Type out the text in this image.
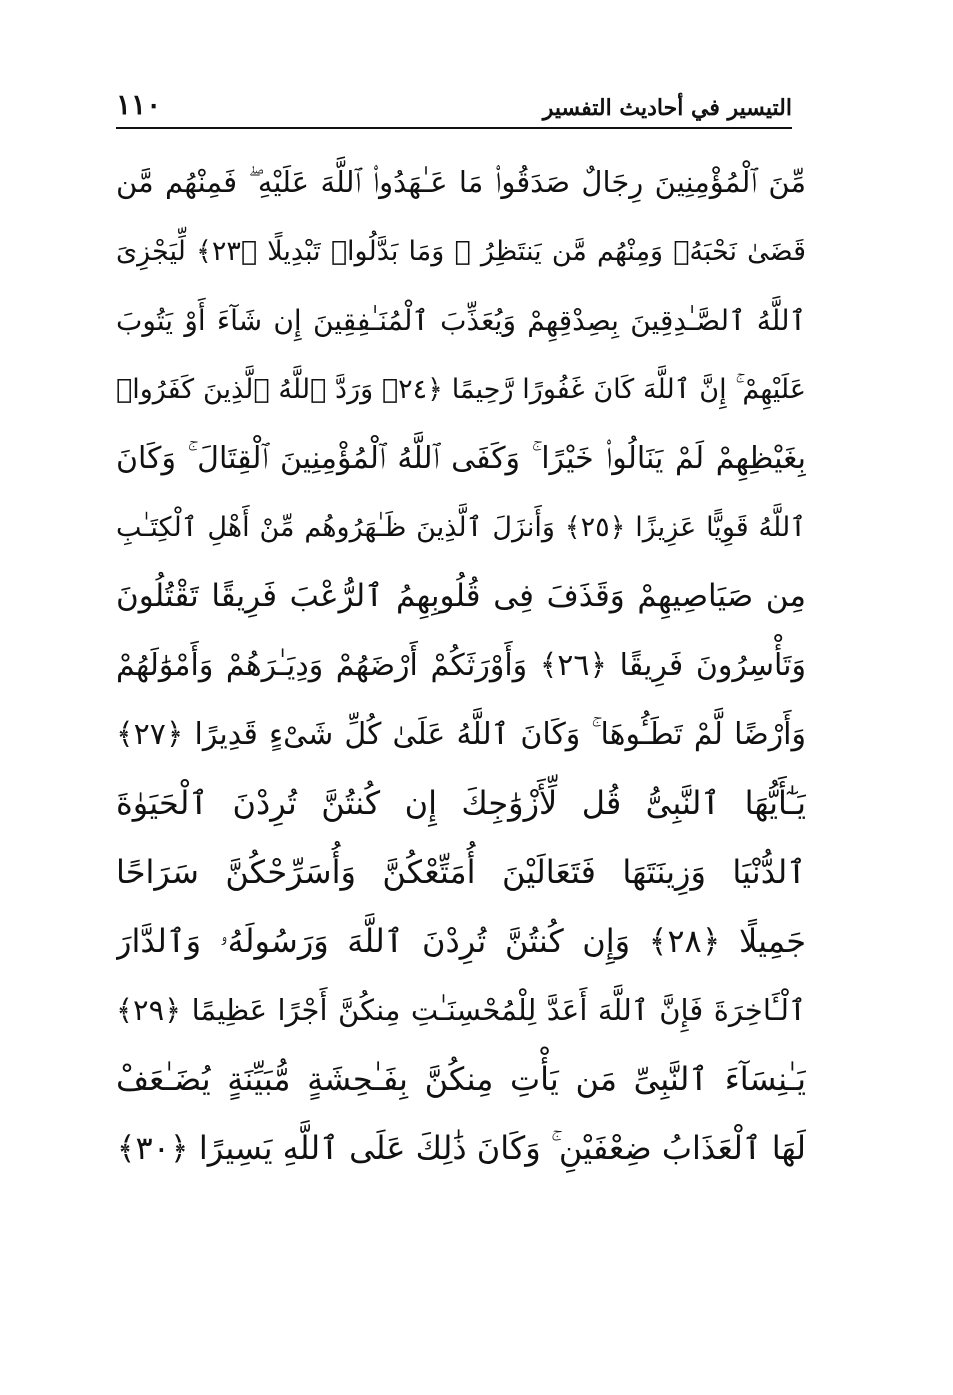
التيسير في أحاديث التفسير
١١٠
مِّنَ ٱلْمُؤْمِنِينَ رِجَالٌ صَدَقُوا۟ مَا عَـٰهَدُوا۟ ٱللَّهَ عَلَيْهِ ۖ فَمِنْهُم مَّن
قَضَىٰ نَحْبَهُۥ وَمِنْهُم مَّن يَنتَظِرُ ۖ وَمَا بَدَّلُوا۟ تَبْدِيلًا ﴿٢٣﴾ لِّيَجْزِىَ
ٱللَّهُ ٱلصَّـٰدِقِينَ بِصِدْقِهِمْ وَيُعَذِّبَ ٱلْمُنَـٰفِقِينَ إِن شَآءَ أَوْ يَتُوبَ
عَلَيْهِمْ ۚ إِنَّ ٱللَّهَ كَانَ غَفُورًا رَّحِيمًا ﴿٢٤﴾ وَرَدَّ ٱللَّهُ ٱلَّذِينَ كَفَرُوا۟
بِغَيْظِهِمْ لَمْ يَنَالُوا۟ خَيْرًا ۚ وَكَفَى ٱللَّهُ ٱلْمُؤْمِنِينَ ٱلْقِتَالَ ۚ وَكَانَ
ٱللَّهُ قَوِيًّا عَزِيزًا ﴿٢٥﴾ وَأَنزَلَ ٱلَّذِينَ ظَـٰهَرُوهُم مِّنْ أَهْلِ ٱلْكِتَـٰبِ
مِن صَيَاصِيهِمْ وَقَذَفَ فِى قُلُوبِهِمُ ٱلرُّعْبَ فَرِيقًا تَقْتُلُونَ
وَتَأْسِرُونَ فَرِيقًا ﴿٢٦﴾ وَأَوْرَثَكُمْ أَرْضَهُمْ وَدِيَـٰرَهُمْ وَأَمْوَٰلَهُمْ
وَأَرْضًا لَّمْ تَطَـُٔوهَا ۚ وَكَانَ ٱللَّهُ عَلَىٰ كُلِّ شَىْءٍ قَدِيرًا ﴿٢٧﴾
يَـٰٓأَيُّهَا ٱلنَّبِىُّ قُل لِّأَزْوَٰجِكَ إِن كُنتُنَّ تُرِدْنَ ٱلْحَيَوٰةَ
ٱلدُّنْيَا وَزِينَتَهَا فَتَعَالَيْنَ أُمَتِّعْكُنَّ وَأُسَرِّحْكُنَّ سَرَاحًا
جَمِيلًا ﴿٢٨﴾ وَإِن كُنتُنَّ تُرِدْنَ ٱللَّهَ وَرَسُولَهُۥ وَٱلدَّارَ
ٱلْـَٔاخِرَةَ فَإِنَّ ٱللَّهَ أَعَدَّ لِلْمُحْسِنَـٰتِ مِنكُنَّ أَجْرًا عَظِيمًا ﴿٢٩﴾
يَـٰنِسَآءَ ٱلنَّبِىِّ مَن يَأْتِ مِنكُنَّ بِفَـٰحِشَةٍ مُّبَيِّنَةٍ يُضَـٰعَفْ
لَهَا ٱلْعَذَابُ ضِعْفَيْنِ ۚ وَكَانَ ذَٰلِكَ عَلَى ٱللَّهِ يَسِيرًا ﴿٣٠﴾
